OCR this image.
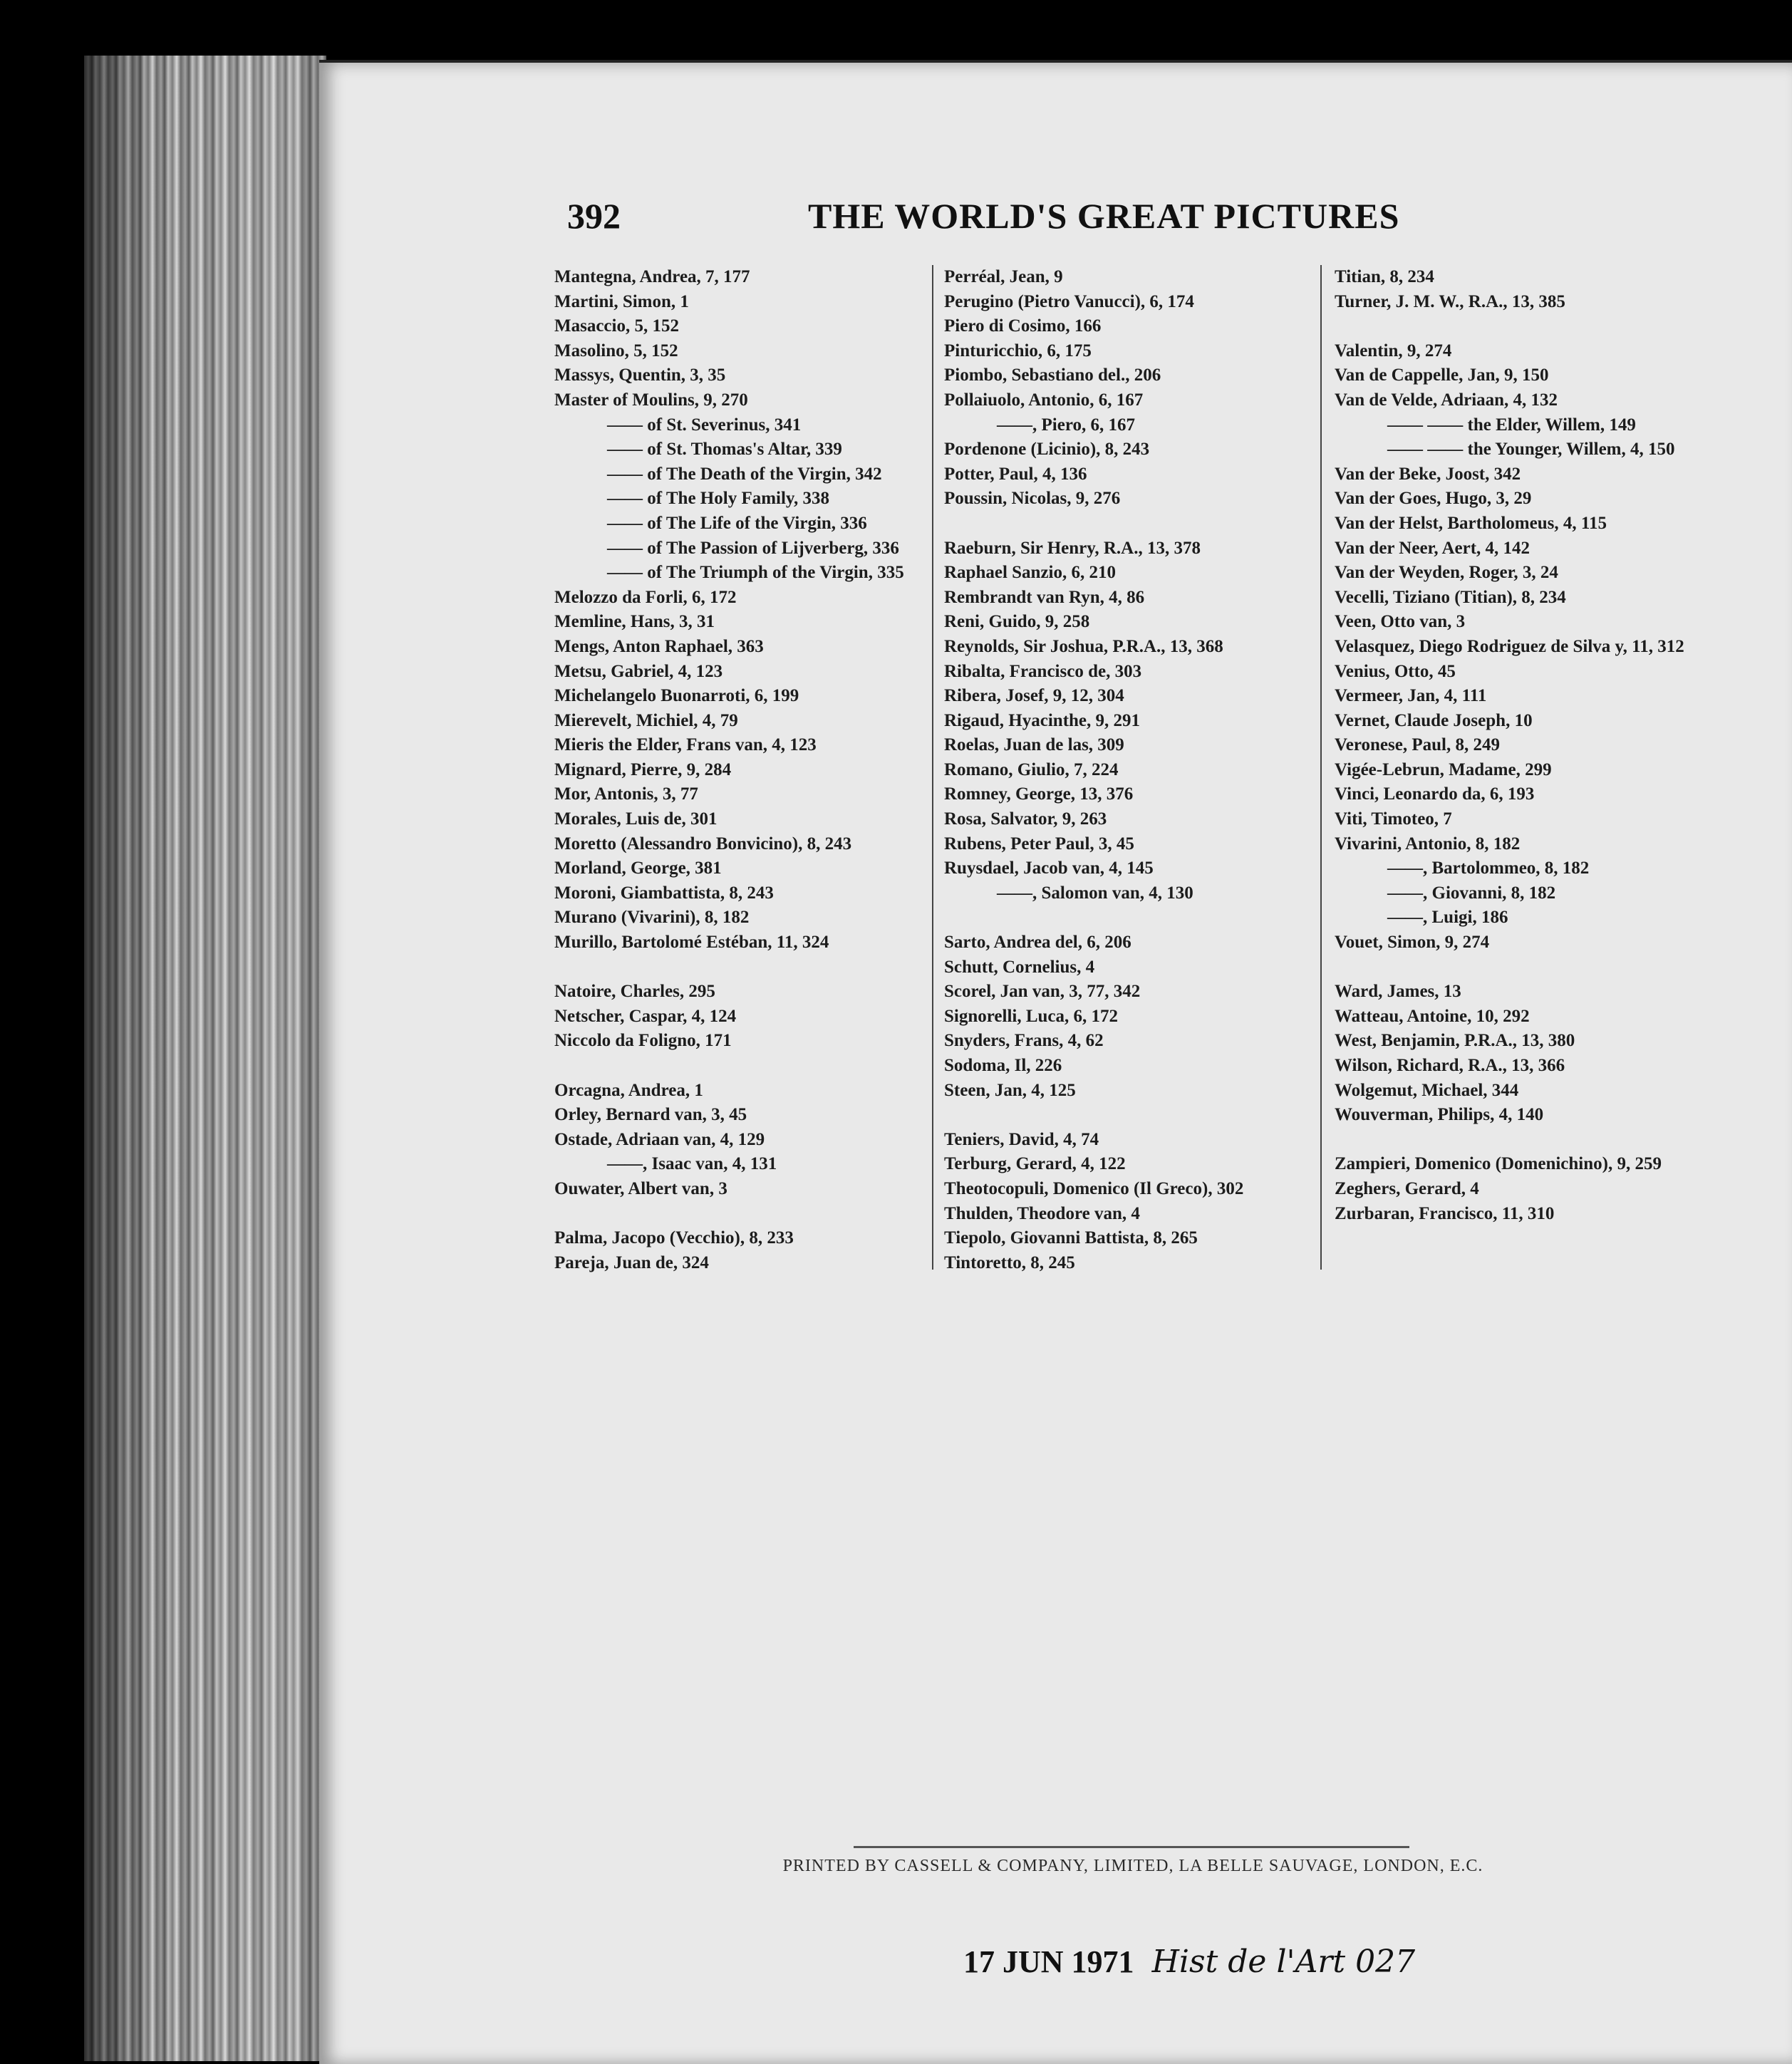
392	THE WORLD'S GREAT PICTURES
Mantegna, Andrea, 7, 177
Martini, Simon, 1
Masaccio, 5, 152
Masolino, 5, 152
Massys, Quentin, 3, 35
Master of Moulins, 9, 270
—— of St. Severinus, 341
—— of St. Thomas's Altar, 339
—— of The Death of the Virgin, 342
—— of The Holy Family, 338
—— of The Life of the Virgin, 336
—— of The Passion of Lijverberg, 336
—— of The Triumph of the Virgin, 335
Melozzo da Forli, 6, 172
Memline, Hans, 3, 31
Mengs, Anton Raphael, 363
Metsu, Gabriel, 4, 123
Michelangelo Buonarroti, 6, 199
Mierevelt, Michiel, 4, 79
Mieris the Elder, Frans van, 4, 123
Mignard, Pierre, 9, 284
Mor, Antonis, 3, 77
Morales, Luis de, 301
Moretto (Alessandro Bonvicino), 8, 243
Morland, George, 381
Moroni, Giambattista, 8, 243
Murano (Vivarini), 8, 182
Murillo, Bartolomé Estéban, 11, 324
Natoire, Charles, 295
Netscher, Caspar, 4, 124
Niccolo da Foligno, 171
Orcagna, Andrea, 1
Orley, Bernard van, 3, 45
Ostade, Adriaan van, 4, 129
——, Isaac van, 4, 131
Ouwater, Albert van, 3
Palma, Jacopo (Vecchio), 8, 233
Pareja, Juan de, 324
Perréal, Jean, 9
Perugino (Pietro Vanucci), 6, 174
Piero di Cosimo, 166
Pinturicchio, 6, 175
Piombo, Sebastiano del., 206
Pollaiuolo, Antonio, 6, 167
——, Piero, 6, 167
Pordenone (Licinio), 8, 243
Potter, Paul, 4, 136
Poussin, Nicolas, 9, 276
Raeburn, Sir Henry, R.A., 13, 378
Raphael Sanzio, 6, 210
Rembrandt van Ryn, 4, 86
Reni, Guido, 9, 258
Reynolds, Sir Joshua, P.R.A., 13, 368
Ribalta, Francisco de, 303
Ribera, Josef, 9, 12, 304
Rigaud, Hyacinthe, 9, 291
Roelas, Juan de las, 309
Romano, Giulio, 7, 224
Romney, George, 13, 376
Rosa, Salvator, 9, 263
Rubens, Peter Paul, 3, 45
Ruysdael, Jacob van, 4, 145
——, Salomon van, 4, 130
Sarto, Andrea del, 6, 206
Schutt, Cornelius, 4
Scorel, Jan van, 3, 77, 342
Signorelli, Luca, 6, 172
Snyders, Frans, 4, 62
Sodoma, Il, 226
Steen, Jan, 4, 125
Teniers, David, 4, 74
Terburg, Gerard, 4, 122
Theotocopuli, Domenico (Il Greco), 302
Thulden, Theodore van, 4
Tiepolo, Giovanni Battista, 8, 265
Tintoretto, 8, 245
Titian, 8, 234
Turner, J. M. W., R.A., 13, 385
Valentin, 9, 274
Van de Cappelle, Jan, 9, 150
Van de Velde, Adriaan, 4, 132
—— —— the Elder, Willem, 149
—— —— the Younger, Willem, 4, 150
Van der Beke, Joost, 342
Van der Goes, Hugo, 3, 29
Van der Helst, Bartholomeus, 4, 115
Van der Neer, Aert, 4, 142
Van der Weyden, Roger, 3, 24
Vecelli, Tiziano (Titian), 8, 234
Veen, Otto van, 3
Velasquez, Diego Rodriguez de Silva y, 11, 312
Venius, Otto, 45
Vermeer, Jan, 4, 111
Vernet, Claude Joseph, 10
Veronese, Paul, 8, 249
Vigée-Lebrun, Madame, 299
Vinci, Leonardo da, 6, 193
Viti, Timoteo, 7
Vivarini, Antonio, 8, 182
——, Bartolommeo, 8, 182
——, Giovanni, 8, 182
——, Luigi, 186
Vouet, Simon, 9, 274
Ward, James, 13
Watteau, Antoine, 10, 292
West, Benjamin, P.R.A., 13, 380
Wilson, Richard, R.A., 13, 366
Wolgemut, Michael, 344
Wouverman, Philips, 4, 140
Zampieri, Domenico (Domenichino), 9, 259
Zeghers, Gerard, 4
Zurbaran, Francisco, 11, 310
PRINTED BY CASSELL & COMPANY, LIMITED, LA BELLE SAUVAGE, LONDON, E.C.
17 JUN 1971 Hist de l'Art 027
